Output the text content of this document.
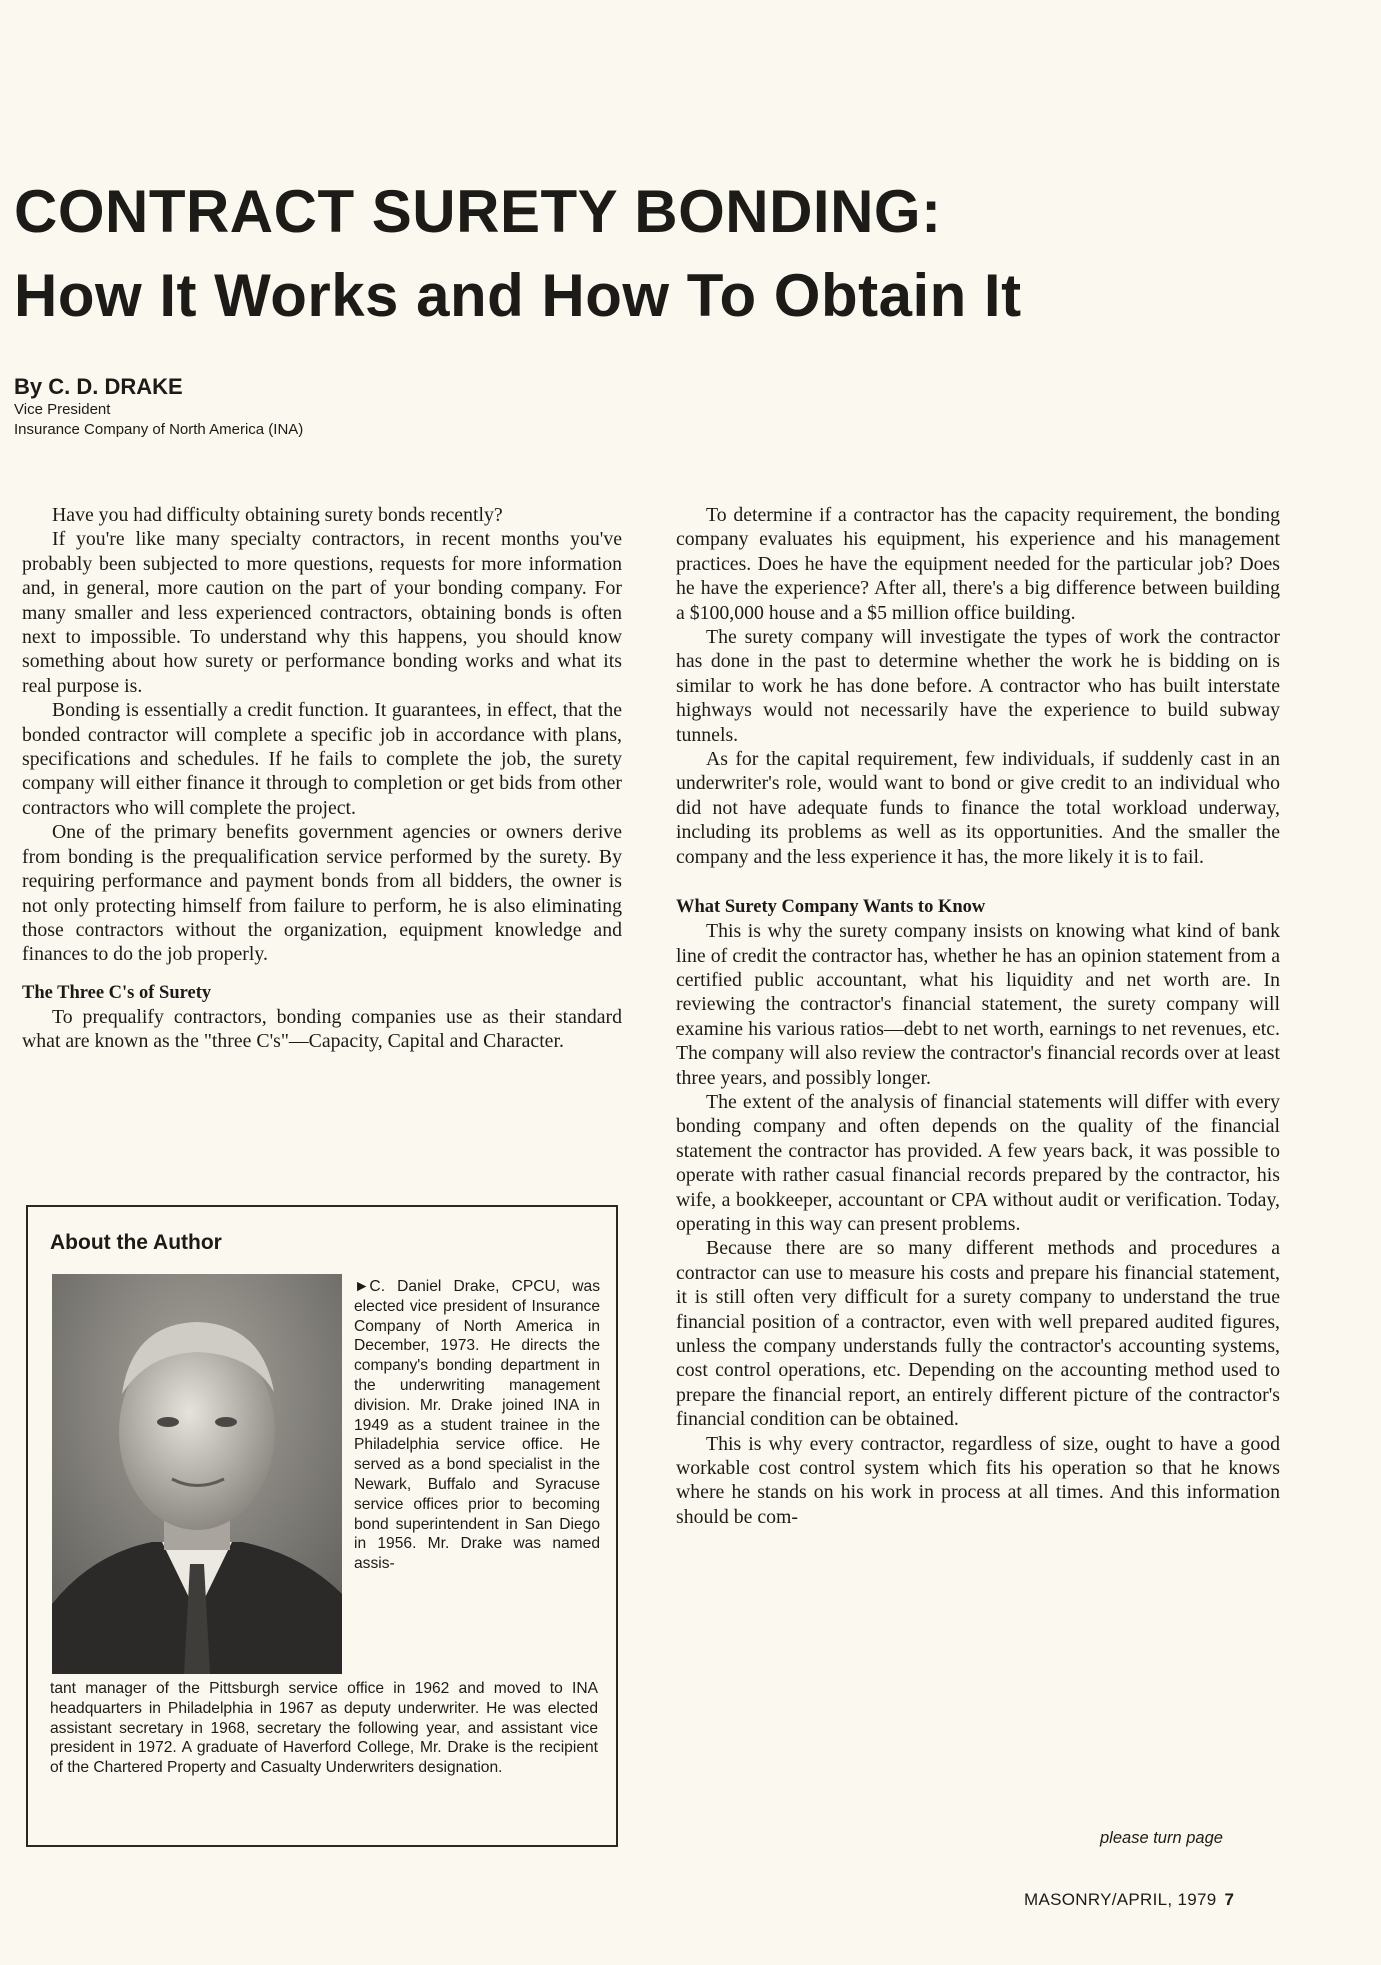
CONTRACT SURETY BONDING:
How It Works and How To Obtain It
By C. D. DRAKE
Vice President
Insurance Company of North America (INA)

Have you had difficulty obtaining surety bonds recently?

If you're like many specialty contractors, in recent months you've probably been subjected to more questions, requests for more information and, in general, more caution on the part of your bonding company. For many smaller and less experienced contractors, obtaining bonds is often next to impossible. To understand why this happens, you should know something about how surety or performance bonding works and what its real purpose is.

Bonding is essentially a credit function. It guarantees, in effect, that the bonded contractor will complete a specific job in accordance with plans, specifications and schedules. If he fails to complete the job, the surety company will either finance it through to completion or get bids from other contractors who will complete the project.

One of the primary benefits government agencies or owners derive from bonding is the prequalification service performed by the surety. By requiring performance and payment bonds from all bidders, the owner is not only protecting himself from failure to perform, he is also eliminating those contractors without the organization, equipment knowledge and finances to do the job properly.

The Three C's of Surety

To prequalify contractors, bonding companies use as their standard what are known as the "three C's"—Capacity, Capital and Character.

About the Author
►C. Daniel Drake, CPCU, was elected vice president of Insurance Company of North America in December, 1973. He directs the company's bonding department in the underwriting management division. Mr. Drake joined INA in 1949 as a student trainee in the Philadelphia service office. He served as a bond specialist in the Newark, Buffalo and Syracuse service offices prior to becoming bond superintendent in San Diego in 1956. Mr. Drake was named assis-
tant manager of the Pittsburgh service office in 1962 and moved to INA headquarters in Philadelphia in 1967 as deputy underwriter. He was elected assistant secretary in 1968, secretary the following year, and assistant vice president in 1972. A graduate of Haverford College, Mr. Drake is the recipient of the Chartered Property and Casualty Underwriters designation.

To determine if a contractor has the capacity requirement, the bonding company evaluates his equipment, his experience and his management practices. Does he have the equipment needed for the particular job? Does he have the experience? After all, there's a big difference between building a $100,000 house and a $5 million office building.

The surety company will investigate the types of work the contractor has done in the past to determine whether the work he is bidding on is similar to work he has done before. A contractor who has built interstate highways would not necessarily have the experience to build subway tunnels.

As for the capital requirement, few individuals, if suddenly cast in an underwriter's role, would want to bond or give credit to an individual who did not have adequate funds to finance the total workload underway, including its problems as well as its opportunities. And the smaller the company and the less experience it has, the more likely it is to fail.

What Surety Company Wants to Know

This is why the surety company insists on knowing what kind of bank line of credit the contractor has, whether he has an opinion statement from a certified public accountant, what his liquidity and net worth are. In reviewing the contractor's financial statement, the surety company will examine his various ratios—debt to net worth, earnings to net revenues, etc. The company will also review the contractor's financial records over at least three years, and possibly longer.

The extent of the analysis of financial statements will differ with every bonding company and often depends on the quality of the financial statement the contractor has provided. A few years back, it was possible to operate with rather casual financial records prepared by the contractor, his wife, a bookkeeper, accountant or CPA without audit or verification. Today, operating in this way can present problems.

Because there are so many different methods and procedures a contractor can use to measure his costs and prepare his financial statement, it is still often very difficult for a surety company to understand the true financial position of a contractor, even with well prepared audited figures, unless the company understands fully the contractor's accounting systems, cost control operations, etc. Depending on the accounting method used to prepare the financial report, an entirely different picture of the contractor's financial condition can be obtained.

This is why every contractor, regardless of size, ought to have a good workable cost control system which fits his operation so that he knows where he stands on his work in process at all times. And this information should be com-

please turn page
MASONRY/APRIL, 1979 7
